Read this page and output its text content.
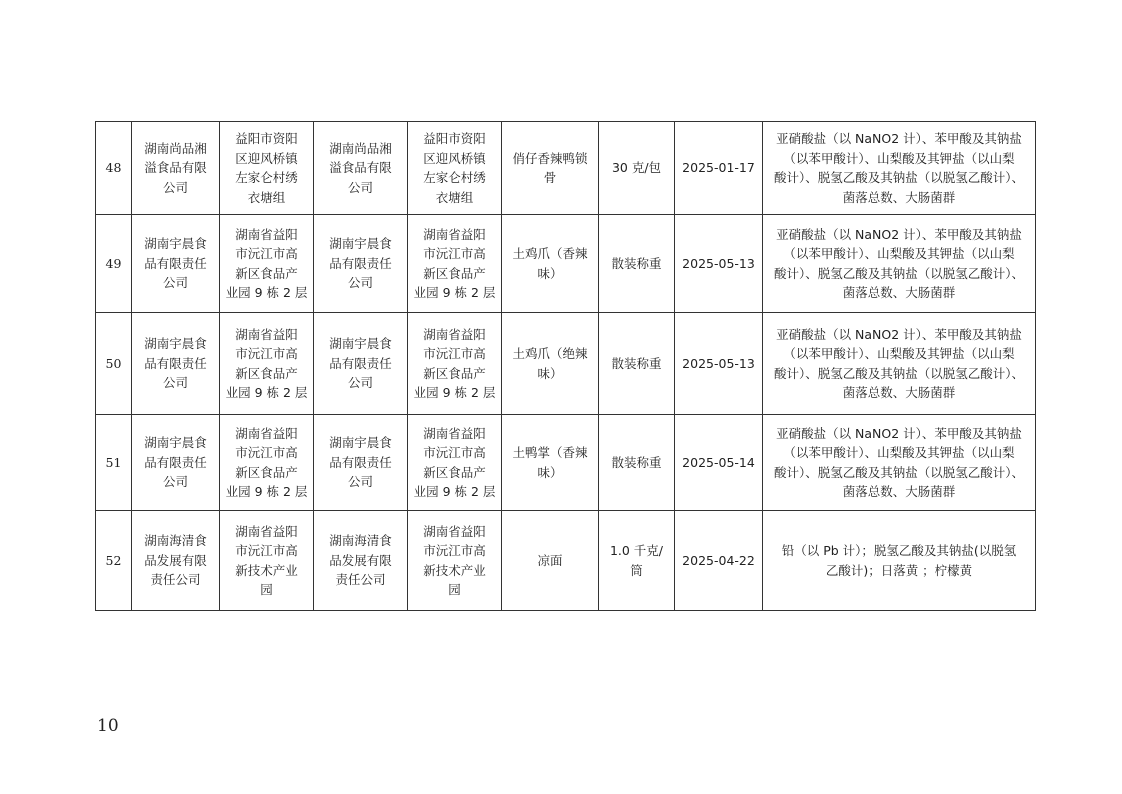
48	湖南尚品湘
溢食品有限
公司	益阳市资阳
区迎风桥镇
左家仑村绣
衣塘组	湖南尚品湘
溢食品有限
公司	益阳市资阳
区迎风桥镇
左家仑村绣
衣塘组	俏仔香辣鸭锁
骨	30 克/包	2025-01-17	亚硝酸盐（以 NaNO2 计）、苯甲酸及其钠盐
（以苯甲酸计）、山梨酸及其钾盐（以山梨
酸计）、脱氢乙酸及其钠盐（以脱氢乙酸计）、
菌落总数、大肠菌群
49	湖南宇晨食
品有限责任
公司	湖南省益阳
市沅江市高
新区食品产
业园 9 栋 2 层	湖南宇晨食
品有限责任
公司	湖南省益阳
市沅江市高
新区食品产
业园 9 栋 2 层	土鸡爪（香辣
味）	散装称重	2025-05-13	亚硝酸盐（以 NaNO2 计）、苯甲酸及其钠盐
（以苯甲酸计）、山梨酸及其钾盐（以山梨
酸计）、脱氢乙酸及其钠盐（以脱氢乙酸计）、
菌落总数、大肠菌群
50	湖南宇晨食
品有限责任
公司	湖南省益阳
市沅江市高
新区食品产
业园 9 栋 2 层	湖南宇晨食
品有限责任
公司	湖南省益阳
市沅江市高
新区食品产
业园 9 栋 2 层	土鸡爪（绝辣
味）	散装称重	2025-05-13	亚硝酸盐（以 NaNO2 计）、苯甲酸及其钠盐
（以苯甲酸计）、山梨酸及其钾盐（以山梨
酸计）、脱氢乙酸及其钠盐（以脱氢乙酸计）、
菌落总数、大肠菌群
51	湖南宇晨食
品有限责任
公司	湖南省益阳
市沅江市高
新区食品产
业园 9 栋 2 层	湖南宇晨食
品有限责任
公司	湖南省益阳
市沅江市高
新区食品产
业园 9 栋 2 层	土鸭掌（香辣
味）	散装称重	2025-05-14	亚硝酸盐（以 NaNO2 计）、苯甲酸及其钠盐
（以苯甲酸计）、山梨酸及其钾盐（以山梨
酸计）、脱氢乙酸及其钠盐（以脱氢乙酸计）、
菌落总数、大肠菌群
52	湖南海清食
品发展有限
责任公司	湖南省益阳
市沅江市高
新技术产业
园	湖南海清食
品发展有限
责任公司	湖南省益阳
市沅江市高
新技术产业
园	凉面	1.0 千克/
筒	2025-04-22	铅（以 Pb 计）；脱氢乙酸及其钠盐(以脱氢
乙酸计)；日落黄 ；柠檬黄
10
